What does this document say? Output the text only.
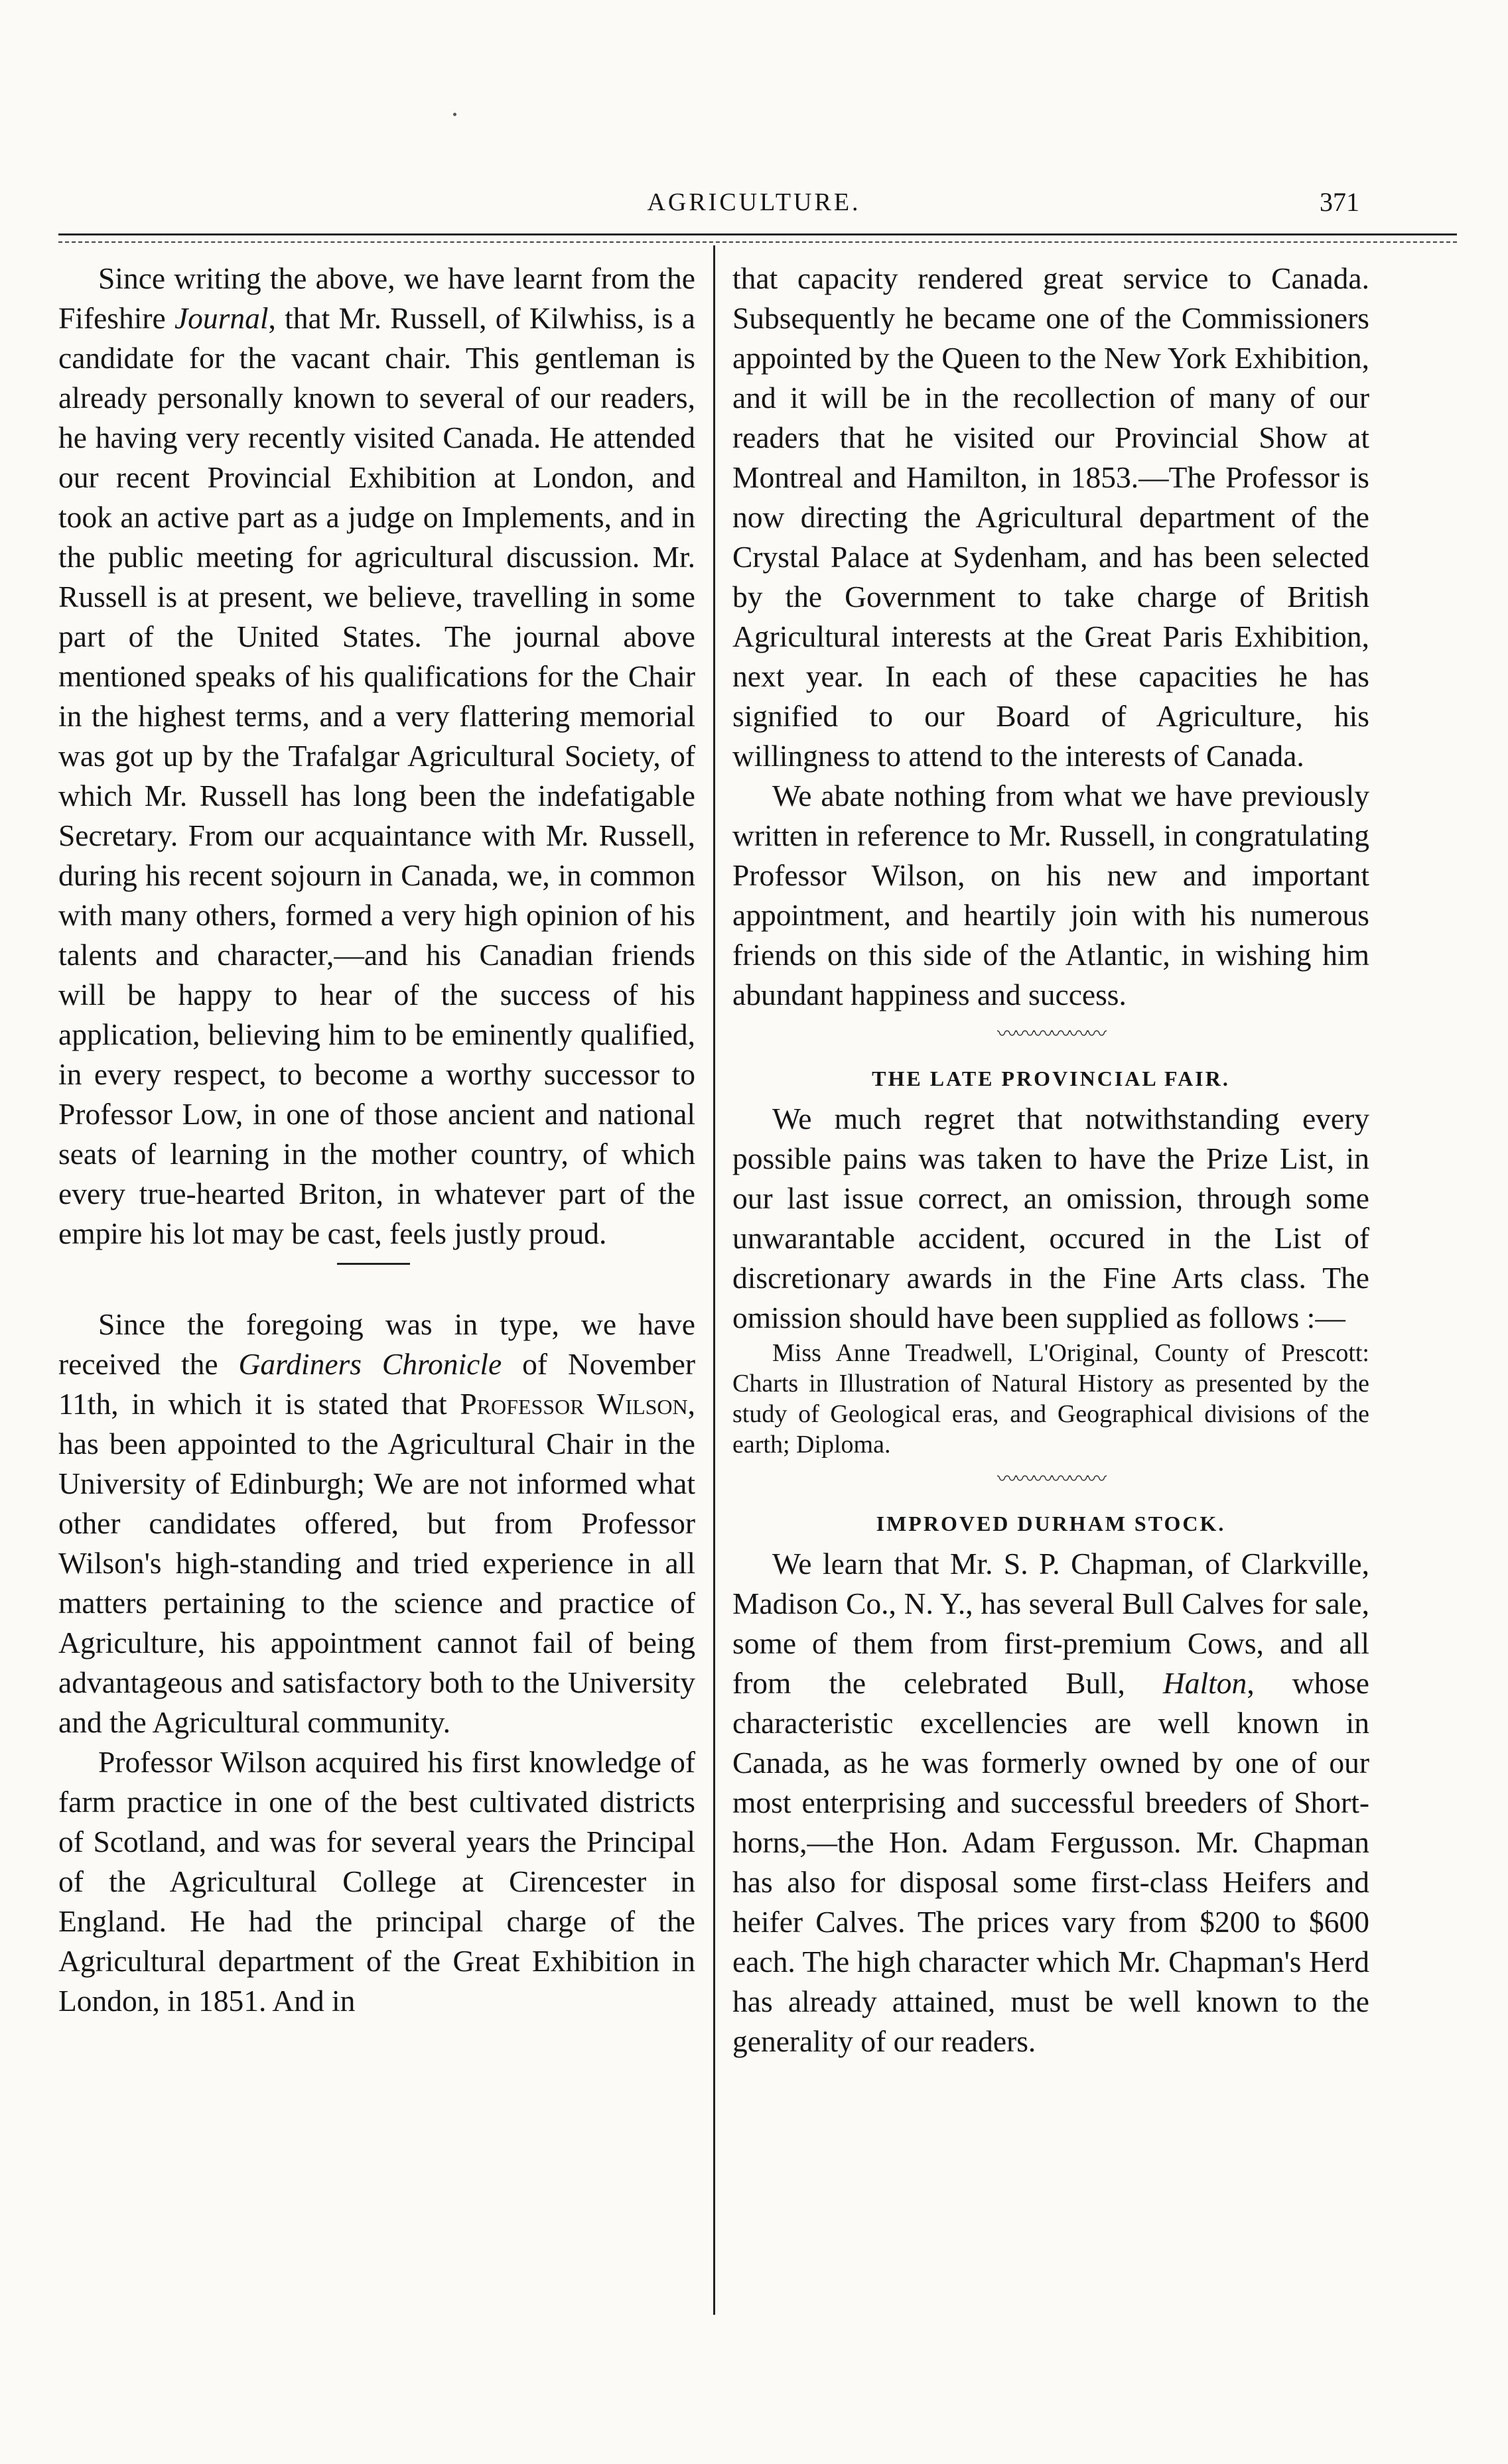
AGRICULTURE.	371

Since writing the above, we have learnt from the Fifeshire Journal, that Mr. Russell, of Kilwhiss, is a candidate for the vacant chair. This gentleman is already personally known to several of our readers, he having very recently visited Canada. He attended our recent Provincial Exhibition at London, and took an active part as a judge on Implements, and in the public meeting for agricultural discussion. Mr. Russell is at present, we believe, travelling in some part of the United States. The journal above mentioned speaks of his qualifications for the Chair in the highest terms, and a very flattering memorial was got up by the Trafalgar Agricultural Society, of which Mr. Russell has long been the indefatigable Secretary. From our acquaintance with Mr. Russell, during his recent sojourn in Canada, we, in common with many others, formed a very high opinion of his talents and character,—and his Canadian friends will be happy to hear of the success of his application, believing him to be eminently qualified, in every respect, to become a worthy successor to Professor Low, in one of those ancient and national seats of learning in the mother country, of which every true-hearted Briton, in whatever part of the empire his lot may be cast, feels justly proud.

Since the foregoing was in type, we have received the Gardiners Chronicle of November 11th, in which it is stated that Professor Wilson, has been appointed to the Agricultural Chair in the University of Edinburgh; We are not informed what other candidates offered, but from Professor Wilson's high-standing and tried experience in all matters pertaining to the science and practice of Agriculture, his appointment cannot fail of being advantageous and satisfactory both to the University and the Agricultural community.

Professor Wilson acquired his first knowledge of farm practice in one of the best cultivated districts of Scotland, and was for several years the Principal of the Agricultural College at Cirencester in England. He had the principal charge of the Agricultural department of the Great Exhibition in London, in 1851. And in

that capacity rendered great service to Canada. Subsequently he became one of the Commissioners appointed by the Queen to the New York Exhibition, and it will be in the recollection of many of our readers that he visited our Provincial Show at Montreal and Hamilton, in 1853.—The Professor is now directing the Agricultural department of the Crystal Palace at Sydenham, and has been selected by the Government to take charge of British Agricultural interests at the Great Paris Exhibition, next year. In each of these capacities he has signified to our Board of Agriculture, his willingness to attend to the interests of Canada.

We abate nothing from what we have previously written in reference to Mr. Russell, in congratulating Professor Wilson, on his new and important appointment, and heartily join with his numerous friends on this side of the Atlantic, in wishing him abundant happiness and success.

〰〰〰〰〰〰
THE LATE PROVINCIAL FAIR.

We much regret that notwithstanding every possible pains was taken to have the Prize List, in our last issue correct, an omission, through some unwarantable accident, occured in the List of discretionary awards in the Fine Arts class. The omission should have been supplied as follows :—

Miss Anne Treadwell, L'Original, County of Prescott: Charts in Illustration of Natural History as presented by the study of Geological eras, and Geographical divisions of the earth; Diploma.

〰〰〰〰〰〰
IMPROVED DURHAM STOCK.

We learn that Mr. S. P. Chapman, of Clarkville, Madison Co., N. Y., has several Bull Calves for sale, some of them from first-premium Cows, and all from the celebrated Bull, Halton, whose characteristic excellencies are well known in Canada, as he was formerly owned by one of our most enterprising and successful breeders of Short-horns,—the Hon. Adam Fergusson. Mr. Chapman has also for disposal some first-class Heifers and heifer Calves. The prices vary from $200 to $600 each. The high character which Mr. Chapman's Herd has already attained, must be well known to the generality of our readers.
